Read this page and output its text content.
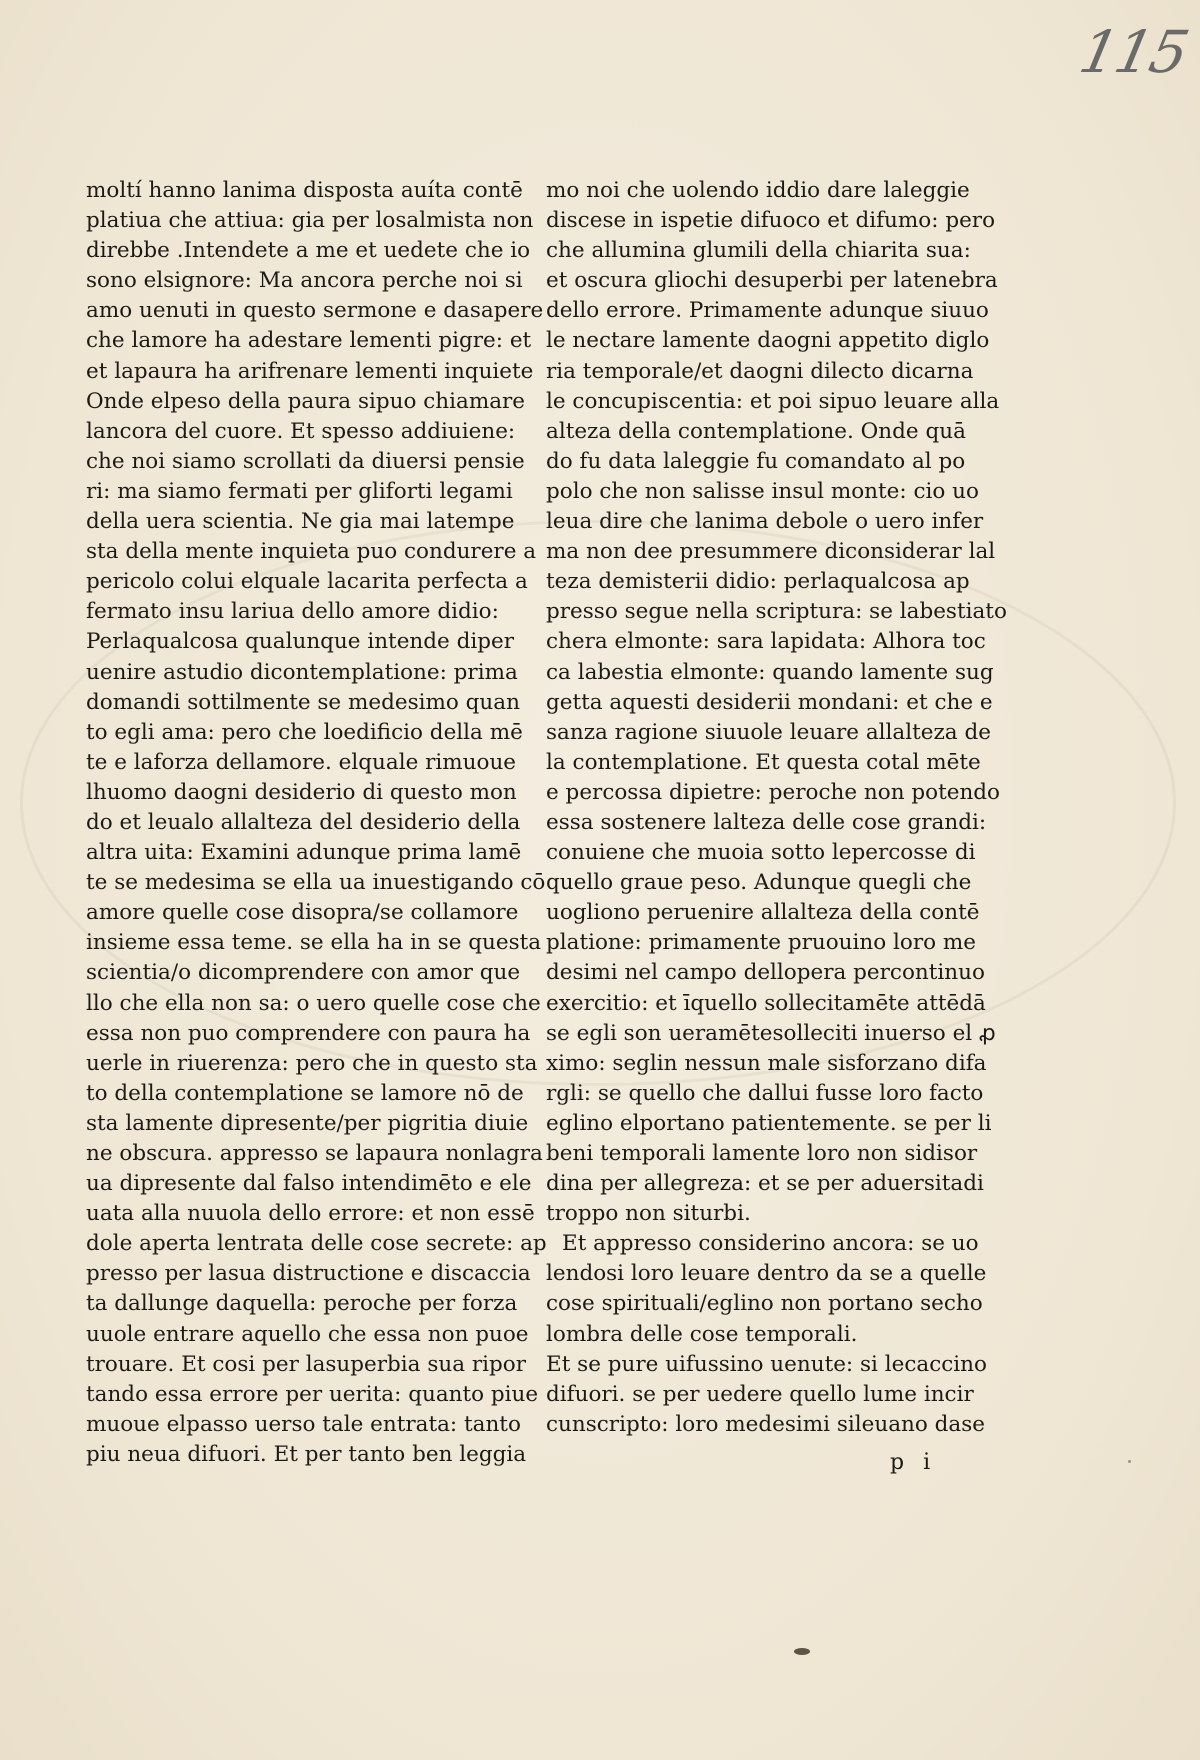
115
moltí hanno lanima disposta auíta contē
platiua che attiua: gia per losalmista non
direbbe .Intendete a me et uedete che io
sono elsignore: Ma ancora perche noi si
amo uenuti in questo sermone e dasapere
che lamore ha adestare lementi pigre: et
et lapaura ha arifrenare lementi inquiete
Onde elpeso della paura sipuo chiamare
lancora del cuore. Et spesso addiuiene:
che noi siamo scrollati da diuersi pensie
ri: ma siamo fermati per gliforti legami
della uera scientia. Ne gia mai latempe
sta della mente inquieta puo condurere a
pericolo colui elquale lacarita perfecta a
fermato insu lariua dello amore didio:
Perlaqualcosa qualunque intende diper
uenire astudio dicontemplatione: prima
domandi sottilmente se medesimo quan
to egli ama: pero che loedificio della mē
te e laforza dellamore. elquale rimuoue
lhuomo daogni desiderio di questo mon
do et leualo allalteza del desiderio della
altra uita: Examini adunque prima lamē
te se medesima se ella ua inuestigando cō
amore quelle cose disopra/se collamore
insieme essa teme. se ella ha in se questa
scientia/o dicomprendere con amor que
llo che ella non sa: o uero quelle cose che
essa non puo comprendere con paura ha
uerle in riuerenza: pero che in questo sta
to della contemplatione se lamore nō de
sta lamente dipresente/per pigritia diuie
ne obscura. appresso se lapaura nonlagra
ua dipresente dal falso intendimēto e ele
uata alla nuuola dello errore: et non essē
dole aperta lentrata delle cose secrete: ap
presso per lasua distructione e discaccia
ta dallunge daquella: peroche per forza
uuole entrare aquello che essa non puoe
trouare. Et cosi per lasuperbia sua ripor
tando essa errore per uerita: quanto piue
muoue elpasso uerso tale entrata: tanto
piu neua difuori. Et per tanto ben leggia
mo noi che uolendo iddio dare laleggie
discese in ispetie difuoco et difumo: pero
che allumina glumili della chiarita sua:
et oscura gliochi desuperbi per latenebra
dello errore. Primamente adunque siuuo
le nectare lamente daogni appetito diglo
ria temporale/et daogni dilecto dicarna
le concupiscentia: et poi sipuo leuare alla
alteza della contemplatione. Onde quā
do fu data laleggie fu comandato al po
polo che non salisse insul monte: cio uo
leua dire che lanima debole o uero infer
ma non dee presummere diconsiderar lal
teza demisterii didio: perlaqualcosa ap
presso segue nella scriptura: se labestiato
chera elmonte: sara lapidata: Alhora toc
ca labestia elmonte: quando lamente sug
getta aquesti desiderii mondani: et che e
sanza ragione siuuole leuare allalteza de
la contemplatione. Et questa cotal mēte
e percossa dipietre: peroche non potendo
essa sostenere lalteza delle cose grandi:
conuiene che muoia sotto lepercosse di
quello graue peso. Adunque quegli che
uogliono peruenire allalteza della contē
platione: primamente pruouino loro me
desimi nel campo dellopera percontinuo
exercitio: et īquello sollecitamēte attēdā
se egli son ueramētesolleciti inuerso el ꝓ
ximo: seglin nessun male sisforzano difa
rgli: se quello che dallui fusse loro facto
eglino elportano patientemente. se per li
beni temporali lamente loro non sidisor
dina per allegreza: et se per aduersitadi
troppo non siturbi.
Et appresso considerino ancora: se uo
lendosi loro leuare dentro da se a quelle
cose spirituali/eglino non portano secho
lombra delle cose temporali.
Et se pure uifussino uenute: si lecaccino
difuori. se per uedere quello lume incir
cunscripto: loro medesimi sileuano dase
p i
